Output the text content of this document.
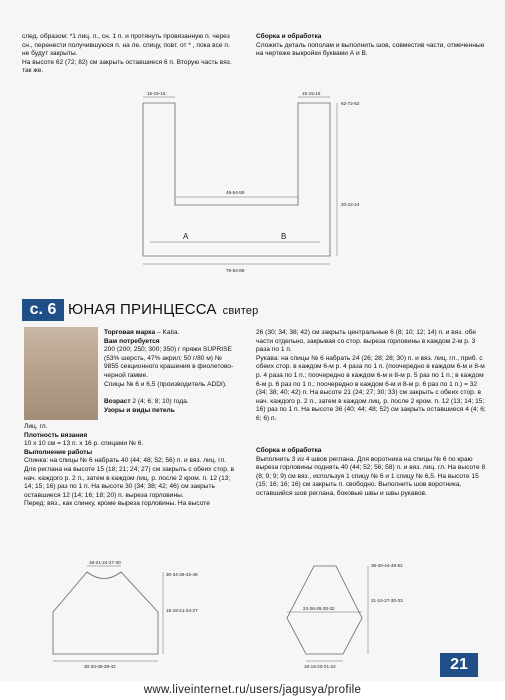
след. образом: *1 лиц. п., сн. 1 п. и протянуть провязанную п. через сн., перенести получившуюся п. на ле. спицу, повт. от * , пока все п. не будут закрыты.
На высоте 62 (72; 82) см закрыть оставшиеся 6 п. Вторую часть вяз. так же.
Сборка и обработка
Сложить деталь пополам и выполнить шов, совместив части, отмеченные на чертеже выкройки буквами А и В.
15-15-15	15-15-15
62-72-82
49-54-59
20-22-24
A	B
79-84-89
с. 6 ЮНАЯ ПРИНЦЕССА свитер
Торговая марка – Katia.
Вам потребуется
200 (200; 250; 300; 350) г пряжи SUPRISE (53% шерсть, 47% акрил; 50 г/80 м) № 9855 секционного крашения в фиолетово-черной гамме.
Спицы № 6 и 6,5 (производитель ADDI).
Возраст 2 (4; 6; 8; 10) года.
Узоры и виды петель
Лиц. гл.
Плотность вязания
10 х 10 см = 13 п. х 16 р. спицами № 6.
Выполнение работы
Спинка: на спицы № 6 набрать 40 (44; 48; 52; 56) п. и вяз. лиц. гл. Для реглана на высоте 15 (18; 21; 24; 27) см закрыть с обеих стор. в нач. каждого р. 2 п., затем в каждом лиц. р. после 2 кром. п. 12 (13; 14; 15; 16) раз по 1 п. На высоте 30 (34; 38; 42; 46) см закрыть оставшиеся 12 (14; 16; 18; 20) п. выреза горловины.
Перед: вяз., как спинку, кроме выреза горловины. На высоте
26 (30; 34; 38; 42) см закрыть центральные 6 (8; 10; 12; 14) п. и вяз. обе части отдельно, закрывая со стор. выреза горловины в каждом 2-м р. 3 раза по 1 п.
Рукава: на спицы № 6 набрать 24 (26; 28; 28; 30) п. и вяз. лиц. гл., приб. с обеих стор. в каждом 6-м р. 4 раза по 1 п. (поочередно в каждом 6-м и 8-м р. 4 раза по 1 п.; поочередно в каждом 6-м и 8-м р. 5 раз по 1 п.; в каждом 6-м р. 6 раз по 1 п.; поочередно в каждом 6-м и 8-м р. 6 раз по 1 п.) = 32 (34; 38; 40; 42) п. На высоте 21 (24; 27; 30; 33) см закрыть с обеих стор. в нач. каждого р. 2 п., затем в каждом лиц. р. после 2 кром. п. 12 (13; 14; 15; 16) раз по 1 п. На высоте 36 (40; 44; 48; 52) см закрыть оставшиеся 4 (4; 6; 6; 6) п.
Сборка и обработка
Выполнить 3 из 4 швов реглана. Для воротника на спицы № 6 по краю выреза горловины поднять 40 (44; 52; 56; 58) п. и вяз. лиц. гл. На высоте 8 (8; 9; 9; 9) см вяз., используя 1 спицу № 6 и 1 спицу № 6,5. На высоте 15 (15; 16; 16; 16) см закрыть п. свободно. Выполнить шов воротника, оставшийся шов реглана, боковые швы и швы рукавов.
18-21-24-27-30
30-34-38-42-46
15-18-21-24-27
30-33-36-39-42
36-40-44-48-52
21-24-27-30-33
24-26-28-30-32
18-19-20-21-22	21
www.liveinternet.ru/users/jagusya/profile
